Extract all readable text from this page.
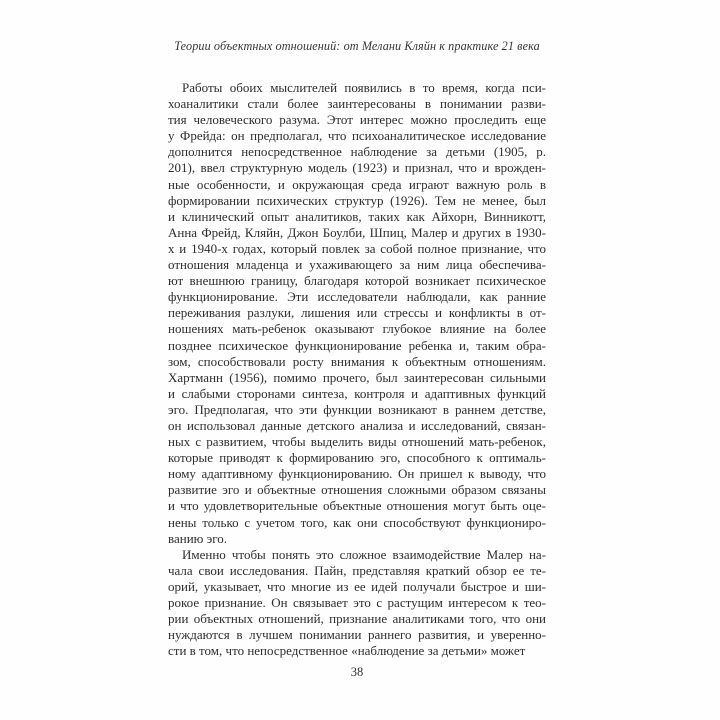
Теории объектных отношений: от Мелани Кляйн к практике 21 века
Работы обоих мыслителей появились в то время, когда пси-
хоаналитики стали более заинтересованы в понимании разви-
тия человеческого разума. Этот интерес можно проследить еще
у Фрейда: он предполагал, что психоаналитическое исследование
дополнится непосредственное наблюдение за детьми (1905, p.
201), ввел структурную модель (1923) и признал, что и врожден-
ные особенности, и окружающая среда играют важную роль в
формировании психических структур (1926). Тем не менее, был
и клинический опыт аналитиков, таких как Айхорн, Винникотт,
Анна Фрейд, Кляйн, Джон Боулби, Шпиц, Малер и других в 1930-
х и 1940-х годах, который повлек за собой полное признание, что
отношения младенца и ухаживающего за ним лица обеспечива-
ют внешнюю границу, благодаря которой возникает психическое
функционирование. Эти исследователи наблюдали, как ранние
переживания разлуки, лишения или стрессы и конфликты в от-
ношениях мать-ребенок оказывают глубокое влияние на более
позднее психическое функционирование ребенка и, таким обра-
зом, способствовали росту внимания к объектным отношениям.
Хартманн (1956), помимо прочего, был заинтересован сильными
и слабыми сторонами синтеза, контроля и адаптивных функций
эго. Предполагая, что эти функции возникают в раннем детстве,
он использовал данные детского анализа и исследований, связан-
ных с развитием, чтобы выделить виды отношений мать-ребенок,
которые приводят к формированию эго, способного к оптималь-
ному адаптивному функционированию. Он пришел к выводу, что
развитие эго и объектные отношения сложными образом связаны
и что удовлетворительные объектные отношения могут быть оце-
нены только с учетом того, как они способствуют функциониро-
ванию эго.
Именно чтобы понять это сложное взаимодействие Малер на-
чала свои исследования. Пайн, представляя краткий обзор ее те-
орий, указывает, что многие из ее идей получали быстрое и ши-
рокое признание. Он связывает это с растущим интересом к тео-
рии объектных отношений, признание аналитиками того, что они
нуждаются в лучшем понимании раннего развития, и уверенно-
сти в том, что непосредственное «наблюдение за детьми» может
38
